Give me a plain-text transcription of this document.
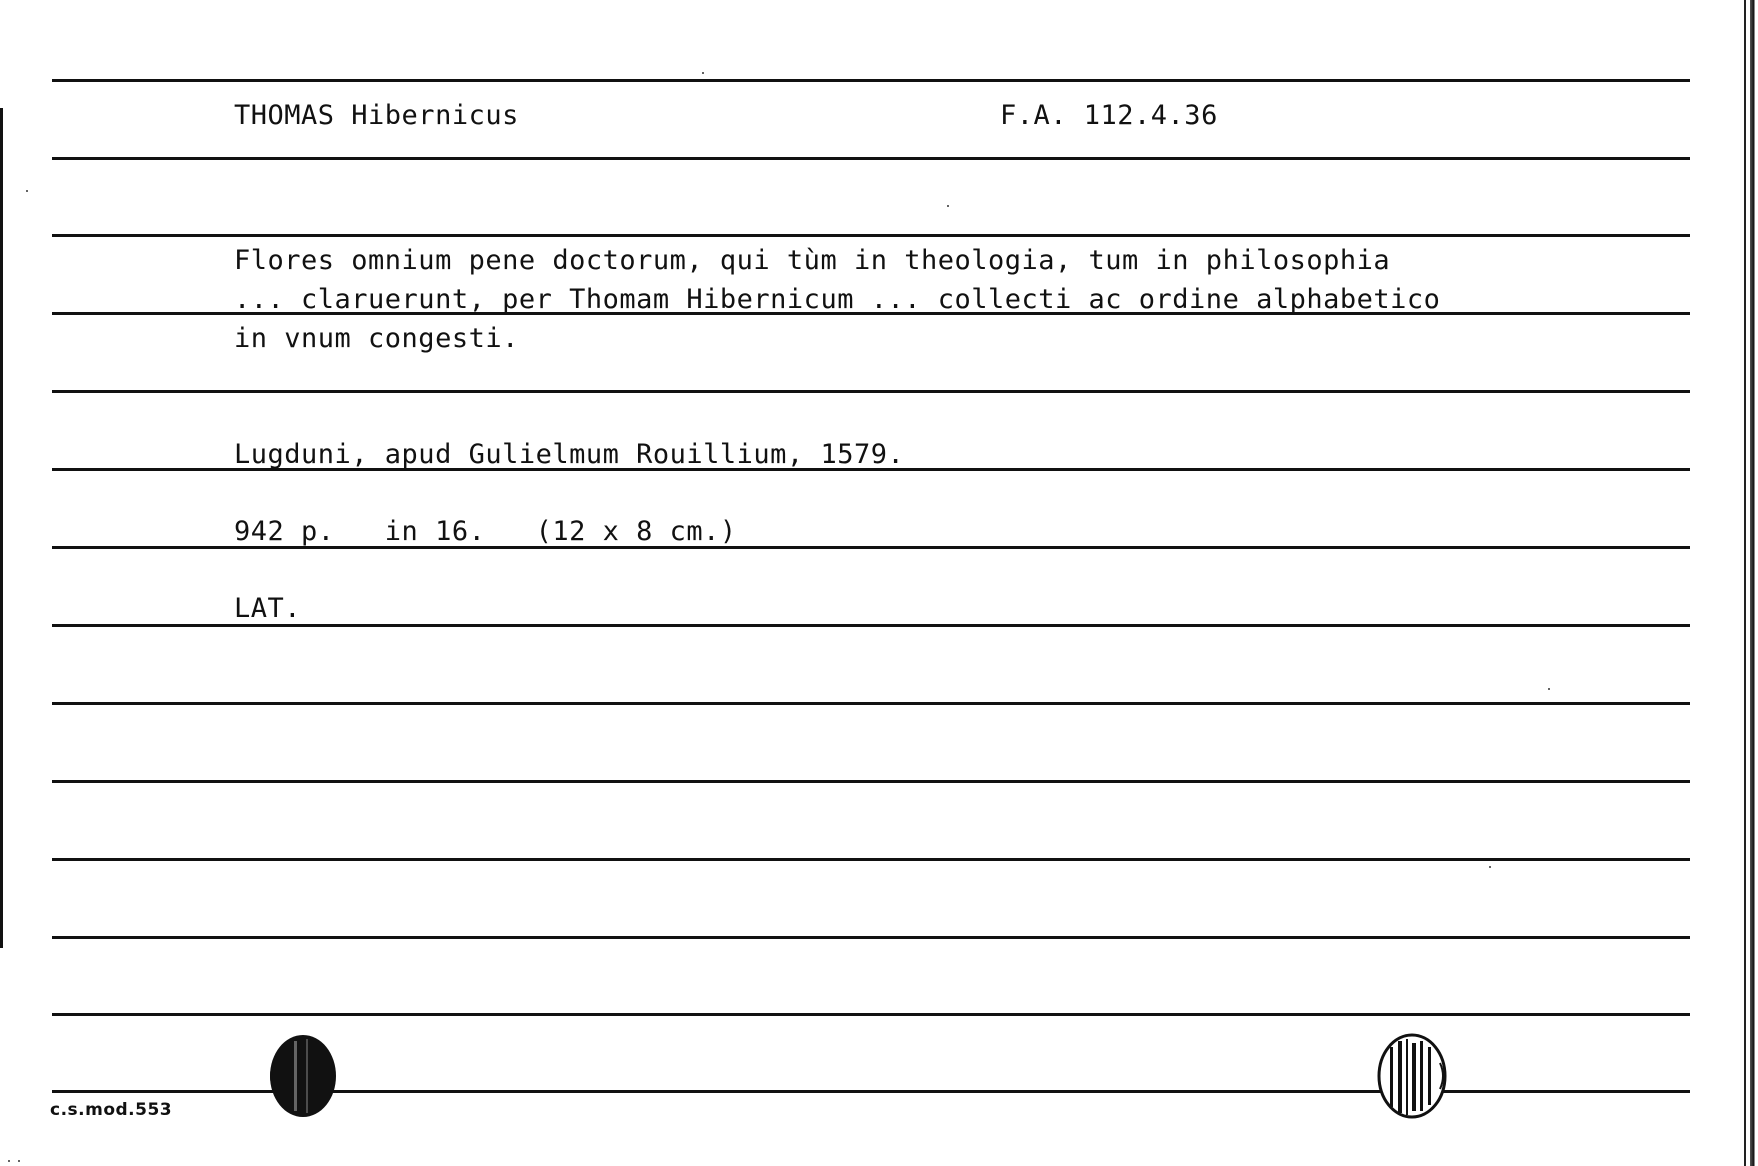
THOMAS Hibernicus	F.A. 112.4.36
Flores omnium pene doctorum, qui tùm in theologia, tum in philosophia
... claruerunt, per Thomam Hibernicum ... collecti ac ordine alphabetico
in vnum congesti.
Lugduni, apud Gulielmum Rouillium, 1579.
942 p.   in 16.   (12 x 8 cm.)
LAT.
c.s.mod.553
